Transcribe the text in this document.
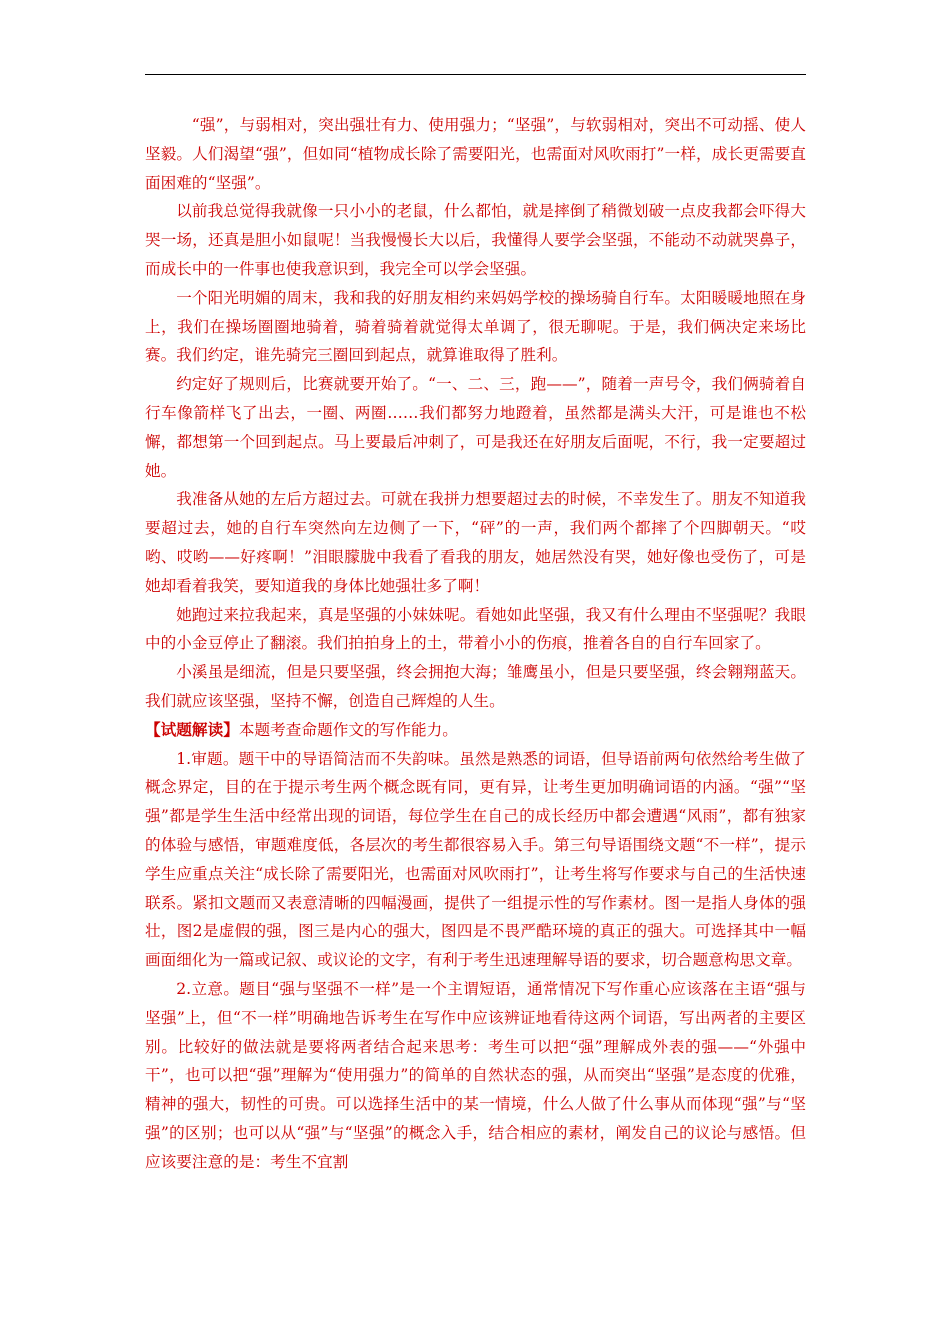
“强”，与弱相对，突出强壮有力、使用强力；“坚强”，与软弱相对，突出不可动摇、使人坚毅。人们渴望“强”，但如同“植物成长除了需要阳光，也需面对风吹雨打”一样，成长更需要直面困难的“坚强”。

以前我总觉得我就像一只小小的老鼠，什么都怕，就是摔倒了稍微划破一点皮我都会吓得大哭一场，还真是胆小如鼠呢！当我慢慢长大以后，我懂得人要学会坚强，不能动不动就哭鼻子，而成长中的一件事也使我意识到，我完全可以学会坚强。

一个阳光明媚的周末，我和我的好朋友相约来妈妈学校的操场骑自行车。太阳暖暖地照在身上，我们在操场圈圈地骑着，骑着骑着就觉得太单调了，很无聊呢。于是，我们俩决定来场比赛。我们约定，谁先骑完三圈回到起点，就算谁取得了胜利。

约定好了规则后，比赛就要开始了。“一、二、三，跑——”，随着一声号令，我们俩骑着自行车像箭样飞了出去，一圈、两圈……我们都努力地蹬着，虽然都是满头大汗，可是谁也不松懈，都想第一个回到起点。马上要最后冲刺了，可是我还在好朋友后面呢，不行，我一定要超过她。

我准备从她的左后方超过去。可就在我拼力想要超过去的时候，不幸发生了。朋友不知道我要超过去，她的自行车突然向左边侧了一下，“砰”的一声，我们两个都摔了个四脚朝天。“哎哟、哎哟——好疼啊！”泪眼朦胧中我看了看我的朋友，她居然没有哭，她好像也受伤了，可是她却看着我笑，要知道我的身体比她强壮多了啊！

她跑过来拉我起来，真是坚强的小妹妹呢。看她如此坚强，我又有什么理由不坚强呢？我眼中的小金豆停止了翻滚。我们拍拍身上的土，带着小小的伤痕，推着各自的自行车回家了。

小溪虽是细流，但是只要坚强，终会拥抱大海；雏鹰虽小，但是只要坚强，终会翱翔蓝天。我们就应该坚强，坚持不懈，创造自己辉煌的人生。

【试题解读】本题考查命题作文的写作能力。

1.审题。题干中的导语简洁而不失韵味。虽然是熟悉的词语，但导语前两句依然给考生做了概念界定，目的在于提示考生两个概念既有同，更有异，让考生更加明确词语的内涵。“强”“坚强”都是学生生活中经常出现的词语，每位学生在自己的成长经历中都会遭遇“风雨”，都有独家的体验与感悟，审题难度低，各层次的考生都很容易入手。第三句导语围绕文题“不一样”，提示学生应重点关注“成长除了需要阳光，也需面对风吹雨打”，让考生将写作要求与自己的生活快速联系。紧扣文题而又表意清晰的四幅漫画，提供了一组提示性的写作素材。图一是指人身体的强壮，图2是虚假的强，图三是内心的强大，图四是不畏严酷环境的真正的强大。可选择其中一幅画面细化为一篇或记叙、或议论的文字，有利于考生迅速理解导语的要求，切合题意构思文章。

2.立意。题目“强与坚强不一样”是一个主谓短语，通常情况下写作重心应该落在主语“强与坚强”上，但“不一样”明确地告诉考生在写作中应该辨证地看待这两个词语，写出两者的主要区别。比较好的做法就是要将两者结合起来思考：考生可以把“强”理解成外表的强——“外强中干”，也可以把“强”理解为“使用强力”的简单的自然状态的强，从而突出“坚强”是态度的优雅，精神的强大，韧性的可贵。可以选择生活中的某一情境，什么人做了什么事从而体现“强”与“坚强”的区别；也可以从“强”与“坚强”的概念入手，结合相应的素材，阐发自己的议论与感悟。但应该要注意的是：考生不宜割
